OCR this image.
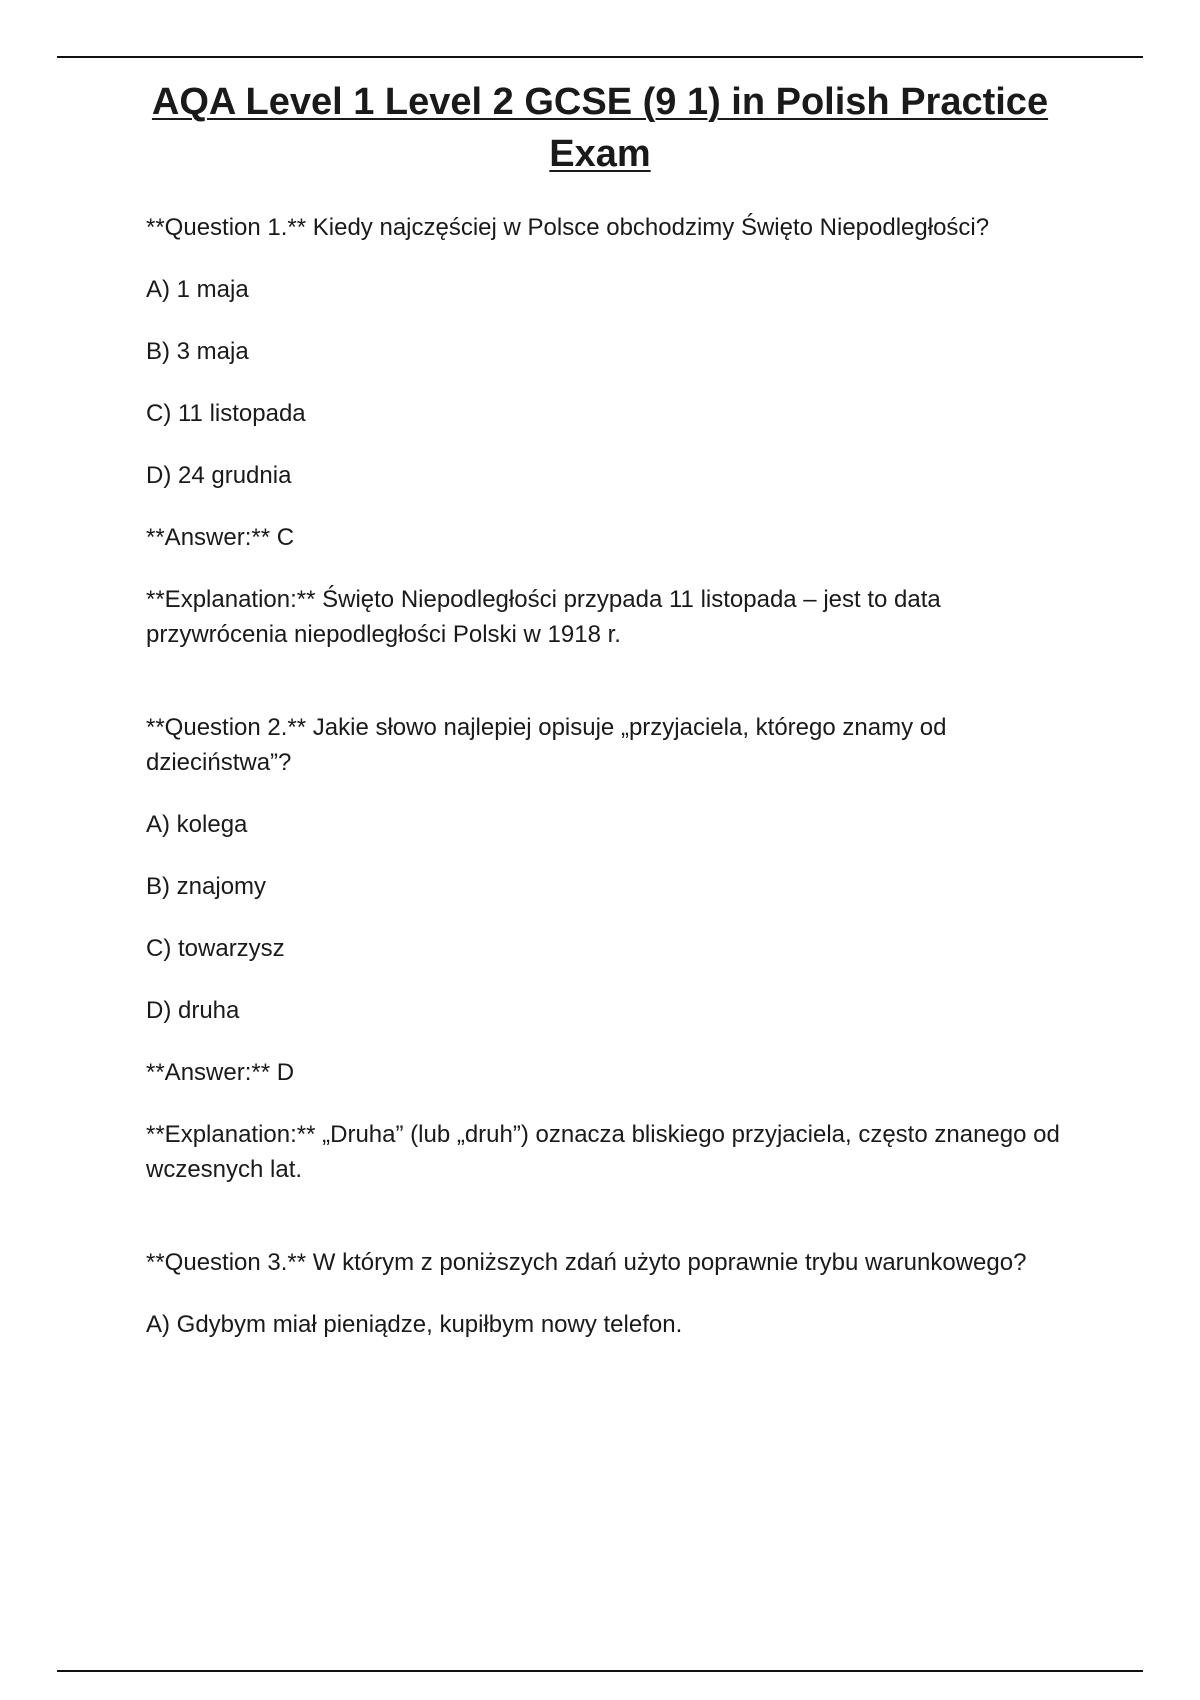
AQA Level 1 Level 2 GCSE (9 1) in Polish Practice Exam

**Question 1.** Kiedy najczęściej w Polsce obchodzimy Święto Niepodległości?

A) 1 maja

B) 3 maja

C) 11 listopada

D) 24 grudnia

**Answer:** C

**Explanation:** Święto Niepodległości przypada 11 listopada – jest to data przywrócenia niepodległości Polski w 1918 r.

**Question 2.** Jakie słowo najlepiej opisuje „przyjaciela, którego znamy od dzieciństwa”?

A) kolega

B) znajomy

C) towarzysz

D) druha

**Answer:** D

**Explanation:** „Druha” (lub „druh”) oznacza bliskiego przyjaciela, często znanego od wczesnych lat.

**Question 3.** W którym z poniższych zdań użyto poprawnie trybu warunkowego?

A) Gdybym miał pieniądze, kupiłbym nowy telefon.
